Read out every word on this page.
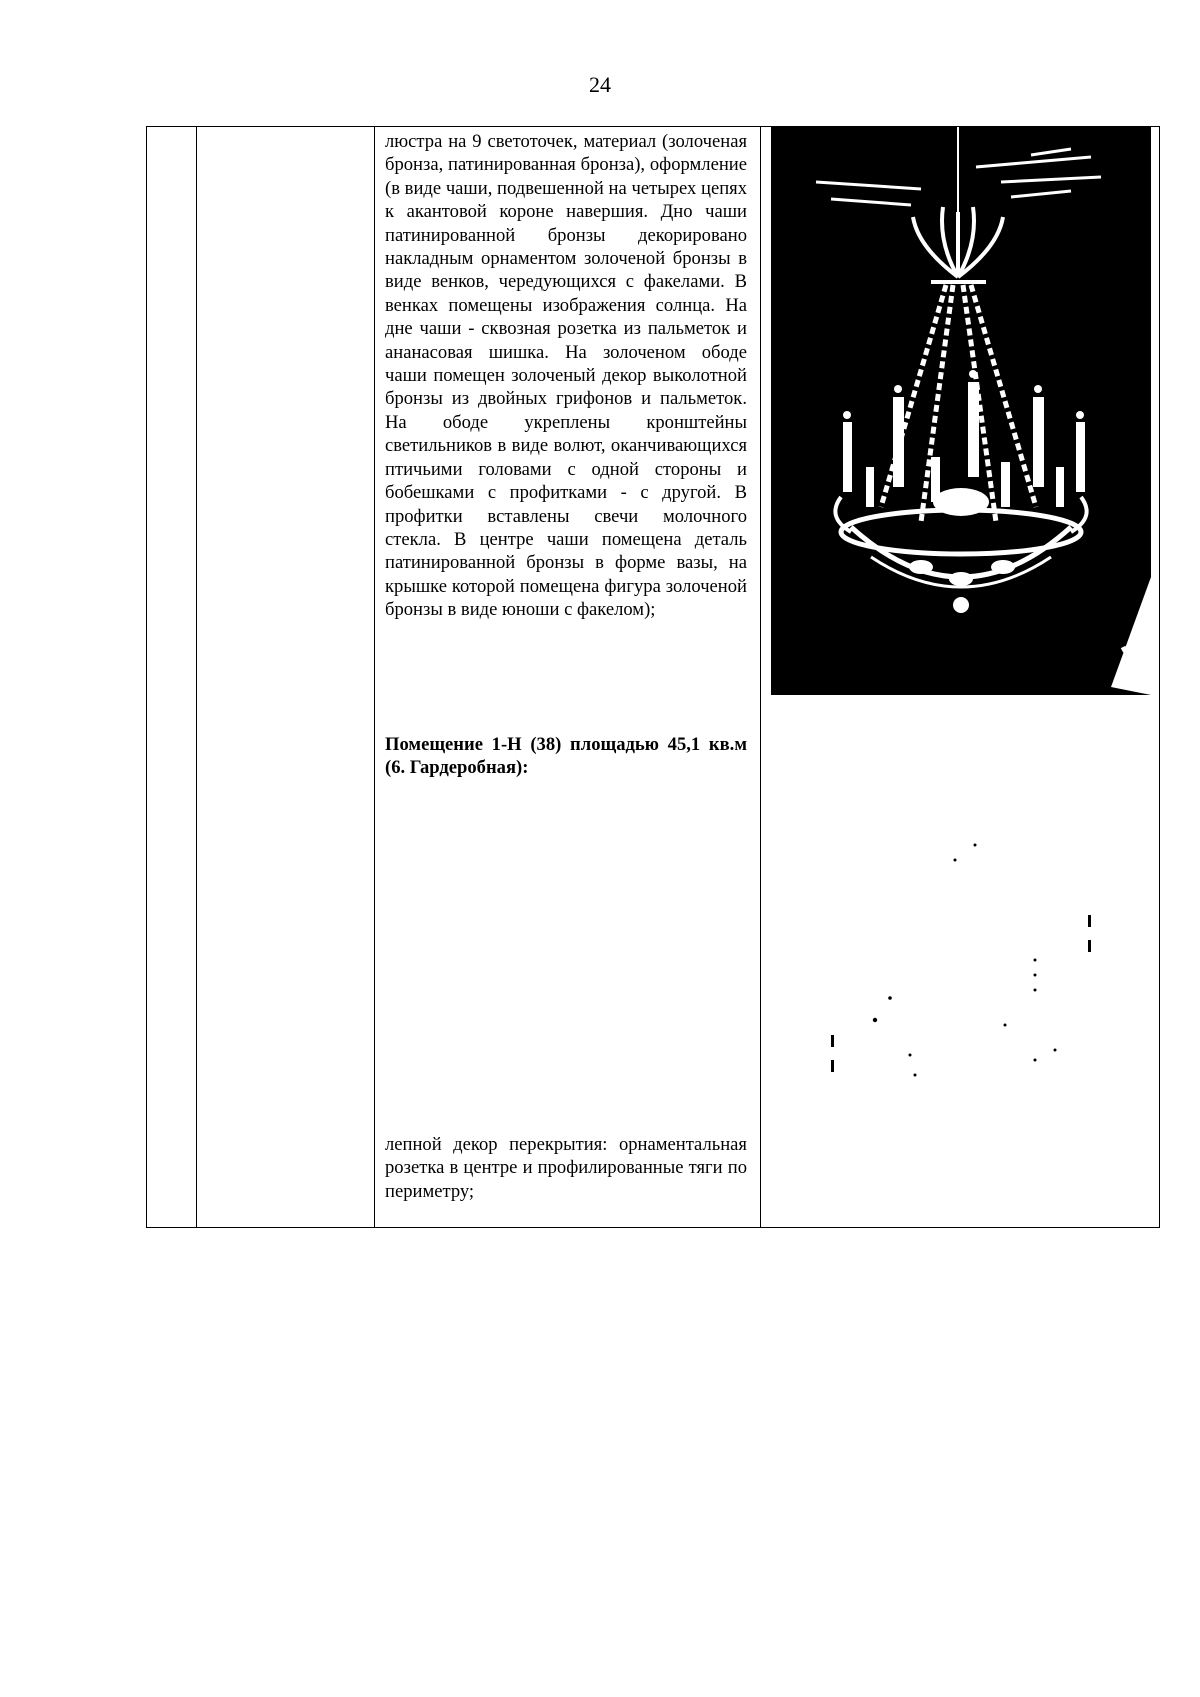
24
люстра на 9 светоточек, материал (золоченая бронза, патинированная бронза), оформление (в виде чаши, подвешенной на четырех цепях к акантовой короне навершия. Дно чаши патинированной бронзы декорировано накладным орнаментом золоченой бронзы в виде венков, чередующихся с факелами. В венках помещены изображения солнца. На дне чаши - сквозная розетка из пальметок и ананасовая шишка. На золоченом ободе чаши помещен золоченый декор выколотной бронзы из двойных грифонов и пальметок. На ободе укреплены кронштейны светильников в виде волют, оканчивающихся птичьими головами с одной стороны и бобешками с профитками - с другой. В профитки вставлены свечи молочного стекла. В центре чаши помещена деталь патинированной бронзы в форме вазы, на крышке которой помещена фигура золоченой бронзы в виде юноши с факелом);
Помещение 1-Н (38) площадью 45,1 кв.м (6. Гардеробная):
лепной декор перекрытия: орнаментальная розетка в центре и профилированные тяги по периметру;
